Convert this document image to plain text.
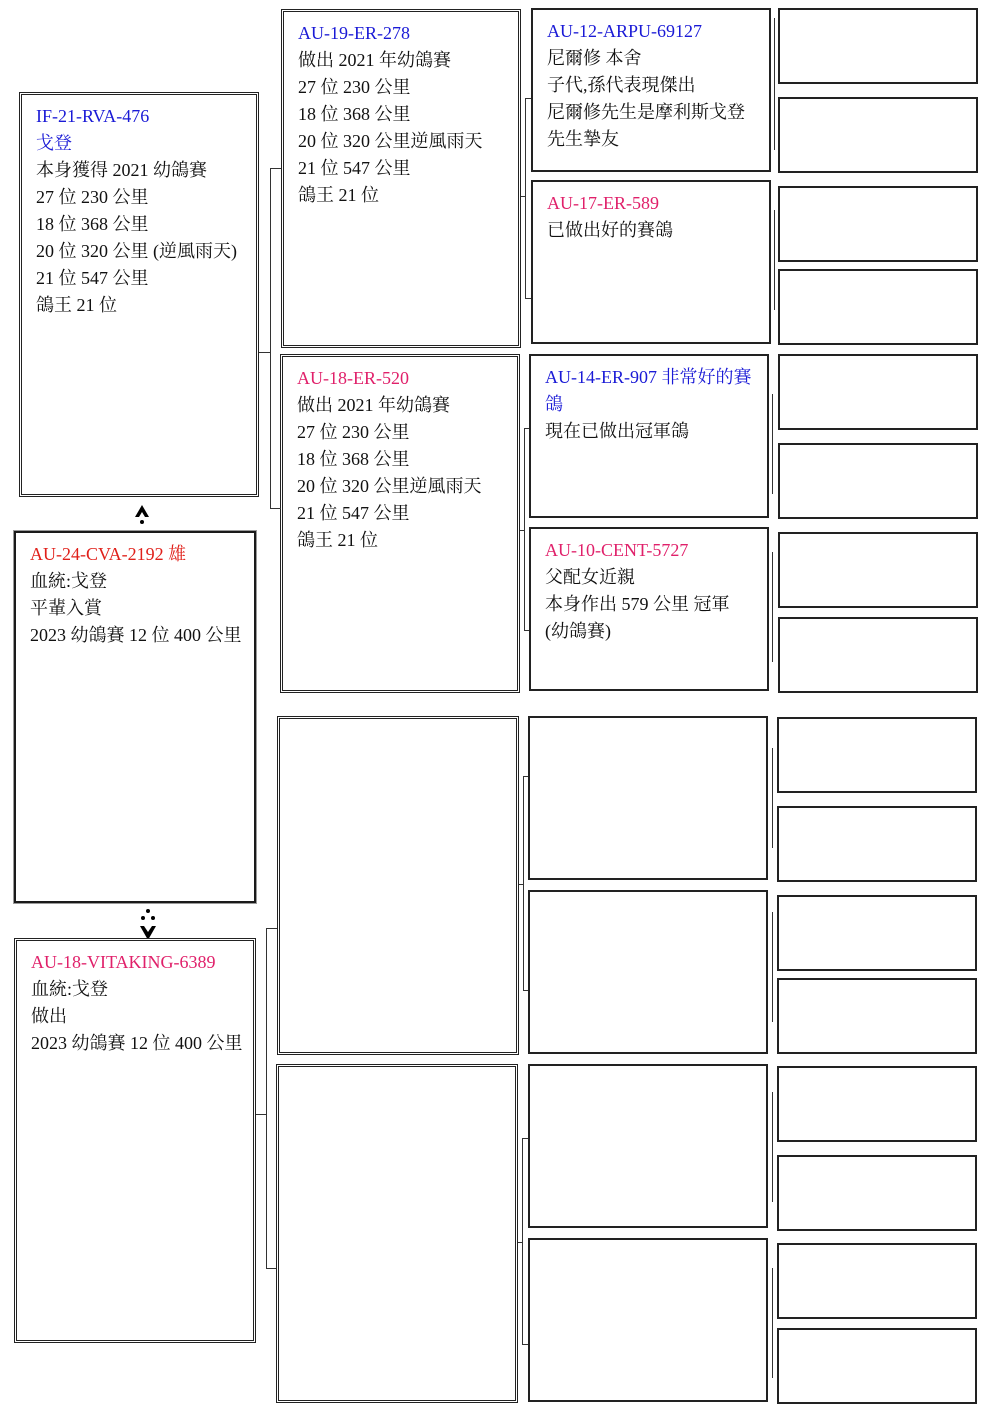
AU-24-CVA-2192 雄
血統:戈登
平輩入賞
2023 幼鴿賽 12 位 400 公里
IF-21-RVA-476
戈登
本身獲得 2021 幼鴿賽
27 位 230 公里
18 位 368 公里
20 位 320 公里 (逆風雨天)
21 位 547 公里
鴿王 21 位
AU-18-VITAKING-6389
血統:戈登
做出
2023 幼鴿賽 12 位 400 公里
AU-19-ER-278
做出 2021 年幼鴿賽
27 位 230 公里
18 位 368 公里
20 位 320 公里逆風雨天
21 位 547 公里
鴿王 21 位
AU-18-ER-520
做出 2021 年幼鴿賽
27 位 230 公里
18 位 368 公里
20 位 320 公里逆風雨天
21 位 547 公里
鴿王 21 位
AU-12-ARPU-69127
尼爾修 本舍
子代,孫代表現傑出
尼爾修先生是摩利斯戈登
先生摯友
AU-17-ER-589
已做出好的賽鴿
AU-14-ER-907 非常好的賽鴿
現在已做出冠軍鴿
AU-10-CENT-5727
父配女近親
本身作出 579 公里 冠軍
(幼鴿賽)
